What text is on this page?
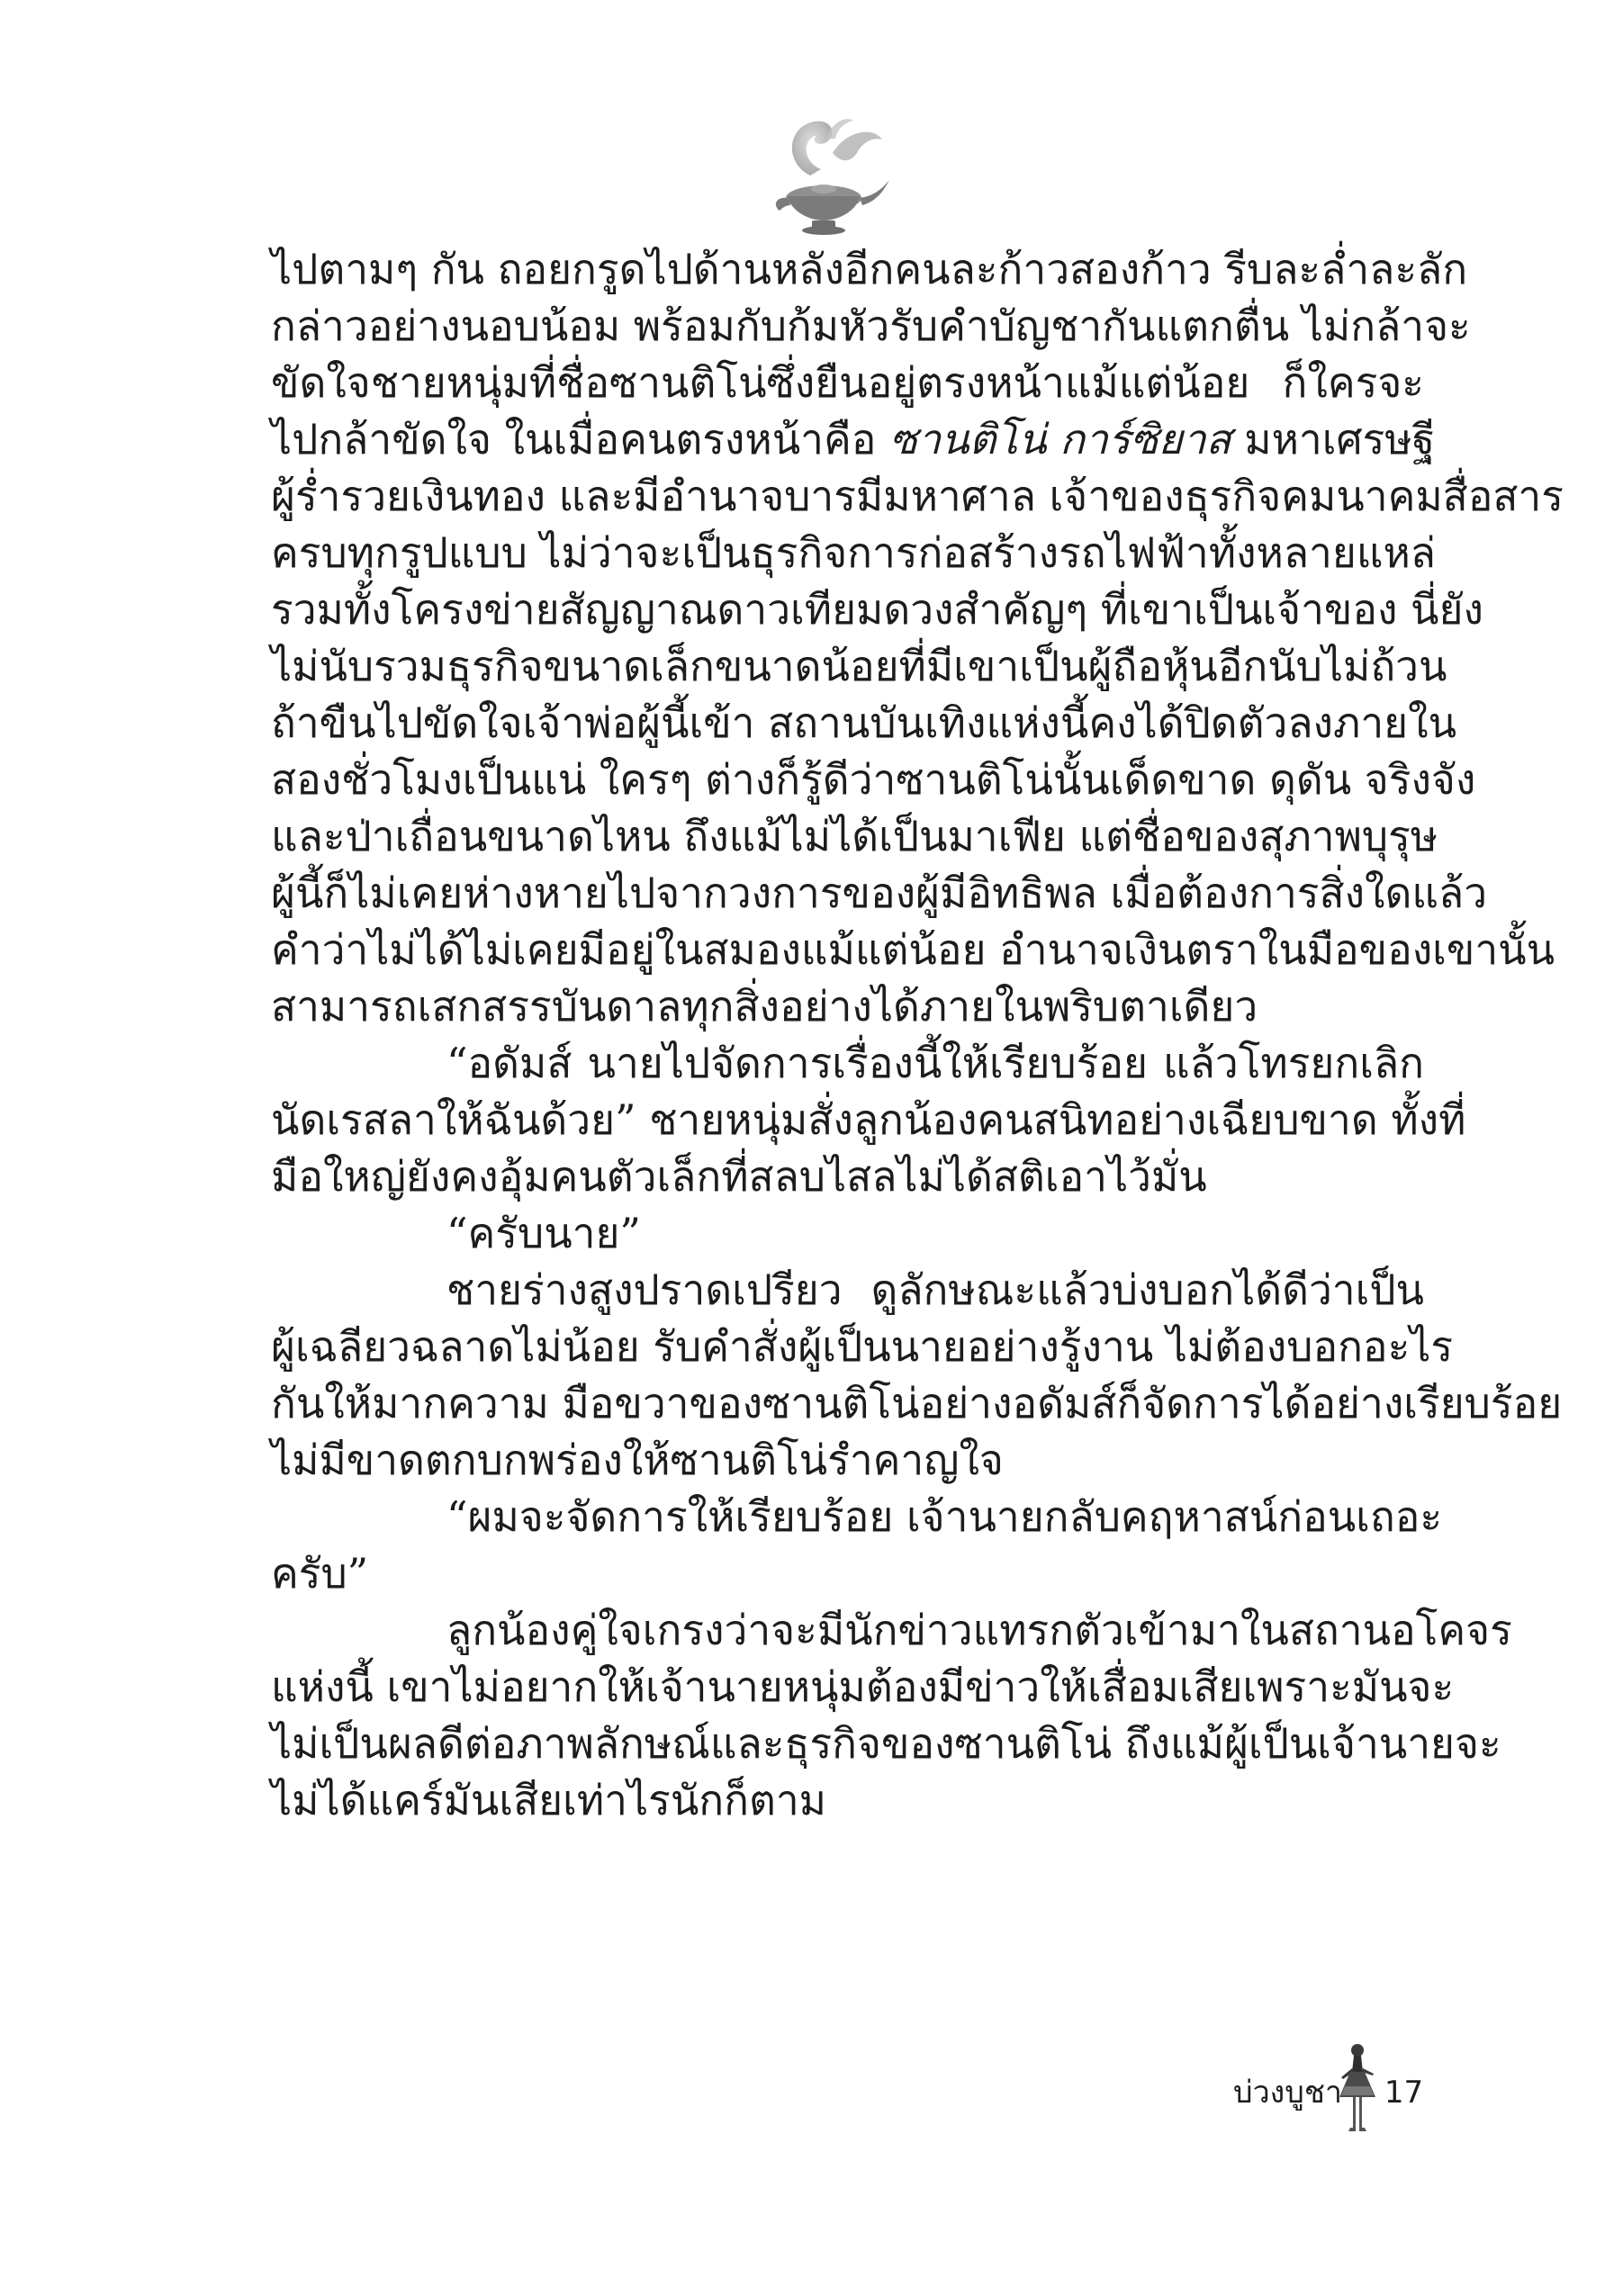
ไปตามๆ กัน ถอยกรูดไปด้านหลังอีกคนละก้าวสองก้าว รีบละล่ำละลัก
กล่าวอย่างนอบน้อม พร้อมกับก้มหัวรับคำบัญชากันแตกตื่น ไม่กล้าจะ
ขัดใจชายหนุ่มที่ชื่อซานติโน่ซึ่งยืนอยู่ตรงหน้าแม้แต่น้อย ก็ใครจะ
ไปกล้าขัดใจ ในเมื่อคนตรงหน้าคือ ซานติโน่ การ์ซิยาส มหาเศรษฐี
ผู้ร่ำรวยเงินทอง และมีอำนาจบารมีมหาศาล เจ้าของธุรกิจคมนาคมสื่อสาร
ครบทุกรูปแบบ ไม่ว่าจะเป็นธุรกิจการก่อสร้างรถไฟฟ้าทั้งหลายแหล่
รวมทั้งโครงข่ายสัญญาณดาวเทียมดวงสำคัญๆ ที่เขาเป็นเจ้าของ นี่ยัง
ไม่นับรวมธุรกิจขนาดเล็กขนาดน้อยที่มีเขาเป็นผู้ถือหุ้นอีกนับไม่ถ้วน
ถ้าขืนไปขัดใจเจ้าพ่อผู้นี้เข้า สถานบันเทิงแห่งนี้คงได้ปิดตัวลงภายใน
สองชั่วโมงเป็นแน่ ใครๆ ต่างก็รู้ดีว่าซานติโน่นั้นเด็ดขาด ดุดัน จริงจัง
และป่าเถื่อนขนาดไหน ถึงแม้ไม่ได้เป็นมาเฟีย แต่ชื่อของสุภาพบุรุษ
ผู้นี้ก็ไม่เคยห่างหายไปจากวงการของผู้มีอิทธิพล เมื่อต้องการสิ่งใดแล้ว
คำว่าไม่ได้ไม่เคยมีอยู่ในสมองแม้แต่น้อย อำนาจเงินตราในมือของเขานั้น
สามารถเสกสรรบันดาลทุกสิ่งอย่างได้ภายในพริบตาเดียว
“อดัมส์ นายไปจัดการเรื่องนี้ให้เรียบร้อย แล้วโทรยกเลิก
นัดเรสลาให้ฉันด้วย” ชายหนุ่มสั่งลูกน้องคนสนิทอย่างเฉียบขาด ทั้งที่
มือใหญ่ยังคงอุ้มคนตัวเล็กที่สลบไสลไม่ได้สติเอาไว้มั่น
“ครับนาย”
ชายร่างสูงปราดเปรียว ดูลักษณะแล้วบ่งบอกได้ดีว่าเป็น
ผู้เฉลียวฉลาดไม่น้อย รับคำสั่งผู้เป็นนายอย่างรู้งาน ไม่ต้องบอกอะไร
กันให้มากความ มือขวาของซานติโน่อย่างอดัมส์ก็จัดการได้อย่างเรียบร้อย
ไม่มีขาดตกบกพร่องให้ซานติโน่รำคาญใจ
“ผมจะจัดการให้เรียบร้อย เจ้านายกลับคฤหาสน์ก่อนเถอะ
ครับ”
ลูกน้องคู่ใจเกรงว่าจะมีนักข่าวแทรกตัวเข้ามาในสถานอโคจร
แห่งนี้ เขาไม่อยากให้เจ้านายหนุ่มต้องมีข่าวให้เสื่อมเสียเพราะมันจะ
ไม่เป็นผลดีต่อภาพลักษณ์และธุรกิจของซานติโน่ ถึงแม้ผู้เป็นเจ้านายจะ
ไม่ได้แคร์มันเสียเท่าไรนักก็ตาม
บ่วงบูชา 17
